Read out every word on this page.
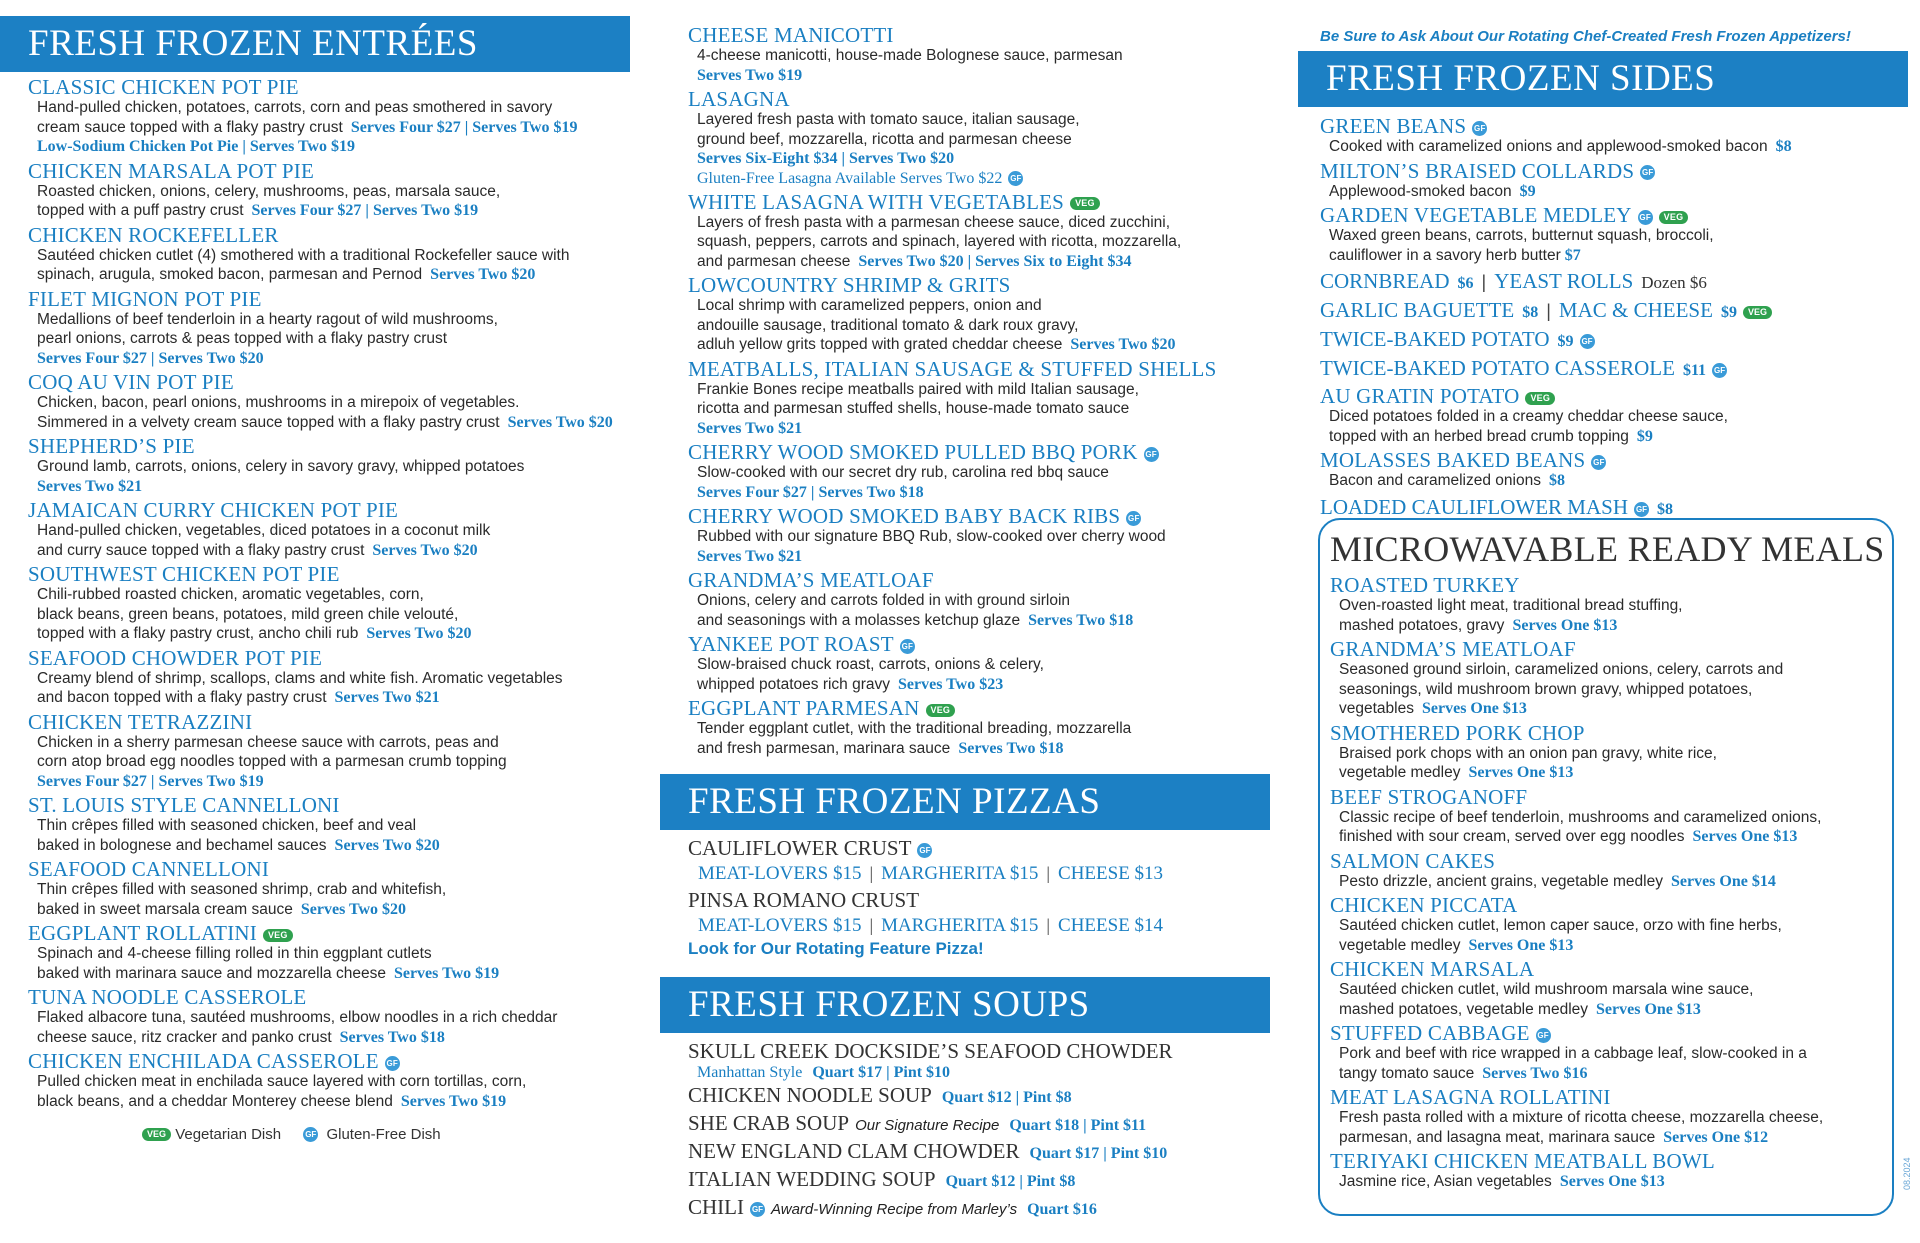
FRESH FROZEN ENTRÉES
CLASSIC CHICKEN POT PIE
Hand-pulled chicken, potatoes, carrots, corn and peas smothered in savory
cream sauce topped with a flaky pastry crust Serves Four $27 | Serves Two $19
Low-Sodium Chicken Pot Pie | Serves Two $19
CHICKEN MARSALA POT PIE
Roasted chicken, onions, celery, mushrooms, peas, marsala sauce,
topped with a puff pastry crust Serves Four $27 | Serves Two $19
CHICKEN ROCKEFELLER
Sautéed chicken cutlet (4) smothered with a traditional Rockefeller sauce with
spinach, arugula, smoked bacon, parmesan and Pernod Serves Two $20
FILET MIGNON POT PIE
Medallions of beef tenderloin in a hearty ragout of wild mushrooms,
pearl onions, carrots & peas topped with a flaky pastry crust
Serves Four $27 | Serves Two $20
COQ AU VIN POT PIE
Chicken, bacon, pearl onions, mushrooms in a mirepoix of vegetables.
Simmered in a velvety cream sauce topped with a flaky pastry crust Serves Two $20
SHEPHERD’S PIE
Ground lamb, carrots, onions, celery in savory gravy, whipped potatoes
Serves Two $21
JAMAICAN CURRY CHICKEN POT PIE
Hand-pulled chicken, vegetables, diced potatoes in a coconut milk
and curry sauce topped with a flaky pastry crust Serves Two $20
SOUTHWEST CHICKEN POT PIE
Chili-rubbed roasted chicken, aromatic vegetables, corn,
black beans, green beans, potatoes, mild green chile velouté,
topped with a flaky pastry crust, ancho chili rub Serves Two $20
SEAFOOD CHOWDER POT PIE
Creamy blend of shrimp, scallops, clams and white fish. Aromatic vegetables
and bacon topped with a flaky pastry crust Serves Two $21
CHICKEN TETRAZZINI
Chicken in a sherry parmesan cheese sauce with carrots, peas and
corn atop broad egg noodles topped with a parmesan crumb topping
Serves Four $27 | Serves Two $19
ST. LOUIS STYLE CANNELLONI
Thin crêpes filled with seasoned chicken, beef and veal
baked in bolognese and bechamel sauces Serves Two $20
SEAFOOD CANNELLONI
Thin crêpes filled with seasoned shrimp, crab and whitefish,
baked in sweet marsala cream sauce Serves Two $20
EGGPLANT ROLLATINI VEG
Spinach and 4-cheese filling rolled in thin eggplant cutlets
baked with marinara sauce and mozzarella cheese Serves Two $19
TUNA NOODLE CASSEROLE
Flaked albacore tuna, sautéed mushrooms, elbow noodles in a rich cheddar
cheese sauce, ritz cracker and panko crust Serves Two $18
CHICKEN ENCHILADA CASSEROLE GF
Pulled chicken meat in enchilada sauce layered with corn tortillas, corn,
black beans, and a cheddar Monterey cheese blend Serves Two $19
VEG Vegetarian Dish	GF Gluten-Free Dish
CHEESE MANICOTTI
4-cheese manicotti, house-made Bolognese sauce, parmesan
Serves Two $19
LASAGNA
Layered fresh pasta with tomato sauce, italian sausage,
ground beef, mozzarella, ricotta and parmesan cheese
Serves Six-Eight $34 | Serves Two $20
Gluten-Free Lasagna Available Serves Two $22 GF
WHITE LASAGNA WITH VEGETABLES VEG
Layers of fresh pasta with a parmesan cheese sauce, diced zucchini,
squash, peppers, carrots and spinach, layered with ricotta, mozzarella,
and parmesan cheese Serves Two $20 | Serves Six to Eight $34
LOWCOUNTRY SHRIMP & GRITS
Local shrimp with caramelized peppers, onion and
andouille sausage, traditional tomato & dark roux gravy,
adluh yellow grits topped with grated cheddar cheese Serves Two $20
MEATBALLS, ITALIAN SAUSAGE & STUFFED SHELLS
Frankie Bones recipe meatballs paired with mild Italian sausage,
ricotta and parmesan stuffed shells, house-made tomato sauce
Serves Two $21
CHERRY WOOD SMOKED PULLED BBQ PORK GF
Slow-cooked with our secret dry rub, carolina red bbq sauce
Serves Four $27 | Serves Two $18
CHERRY WOOD SMOKED BABY BACK RIBS GF
Rubbed with our signature BBQ Rub, slow-cooked over cherry wood
Serves Two $21
GRANDMA’S MEATLOAF
Onions, celery and carrots folded in with ground sirloin
and seasonings with a molasses ketchup glaze Serves Two $18
YANKEE POT ROAST GF
Slow-braised chuck roast, carrots, onions & celery,
whipped potatoes rich gravy Serves Two $23
EGGPLANT PARMESAN VEG
Tender eggplant cutlet, with the traditional breading, mozzarella
and fresh parmesan, marinara sauce Serves Two $18
FRESH FROZEN PIZZAS
CAULIFLOWER CRUST GF
MEAT-LOVERS $15 | MARGHERITA $15 | CHEESE $13
PINSA ROMANO CRUST
MEAT-LOVERS $15 | MARGHERITA $15 | CHEESE $14
Look for Our Rotating Feature Pizza!
FRESH FROZEN SOUPS
SKULL CREEK DOCKSIDE’S SEAFOOD CHOWDER
Manhattan Style Quart $17 | Pint $10
CHICKEN NOODLE SOUP Quart $12 | Pint $8
SHE CRAB SOUP Our Signature Recipe Quart $18 | Pint $11
NEW ENGLAND CLAM CHOWDER Quart $17 | Pint $10
ITALIAN WEDDING SOUP Quart $12 | Pint $8
CHILI GF Award-Winning Recipe from Marley’s Quart $16
Be Sure to Ask About Our Rotating Chef-Created Fresh Frozen Appetizers!
FRESH FROZEN SIDES
GREEN BEANS GF
Cooked with caramelized onions and applewood-smoked bacon $8
MILTON’S BRAISED COLLARDS GF
Applewood-smoked bacon $9
GARDEN VEGETABLE MEDLEY GF VEG
Waxed green beans, carrots, butternut squash, broccoli,
cauliflower in a savory herb butter $7
CORNBREAD $6 | YEAST ROLLS Dozen $6
GARLIC BAGUETTE $8 | MAC & CHEESE $9 VEG
TWICE-BAKED POTATO $9 GF
TWICE-BAKED POTATO CASSEROLE $11 GF
AU GRATIN POTATO VEG
Diced potatoes folded in a creamy cheddar cheese sauce,
topped with an herbed bread crumb topping $9
MOLASSES BAKED BEANS GF
Bacon and caramelized onions $8
LOADED CAULIFLOWER MASH GF $8
MICROWAVABLE READY MEALS
ROASTED TURKEY
Oven-roasted light meat, traditional bread stuffing,
mashed potatoes, gravy Serves One $13
GRANDMA’S MEATLOAF
Seasoned ground sirloin, caramelized onions, celery, carrots and
seasonings, wild mushroom brown gravy, whipped potatoes,
vegetables Serves One $13
SMOTHERED PORK CHOP
Braised pork chops with an onion pan gravy, white rice,
vegetable medley Serves One $13
BEEF STROGANOFF
Classic recipe of beef tenderloin, mushrooms and caramelized onions,
finished with sour cream, served over egg noodles Serves One $13
SALMON CAKES
Pesto drizzle, ancient grains, vegetable medley Serves One $14
CHICKEN PICCATA
Sautéed chicken cutlet, lemon caper sauce, orzo with fine herbs,
vegetable medley Serves One $13
CHICKEN MARSALA
Sautéed chicken cutlet, wild mushroom marsala wine sauce,
mashed potatoes, vegetable medley Serves One $13
STUFFED CABBAGE GF
Pork and beef with rice wrapped in a cabbage leaf, slow-cooked in a
tangy tomato sauce Serves Two $16
MEAT LASAGNA ROLLATINI
Fresh pasta rolled with a mixture of ricotta cheese, mozzarella cheese,
parmesan, and lasagna meat, marinara sauce Serves One $12
TERIYAKI CHICKEN MEATBALL BOWL
Jasmine rice, Asian vegetables Serves One $13	08.2024
